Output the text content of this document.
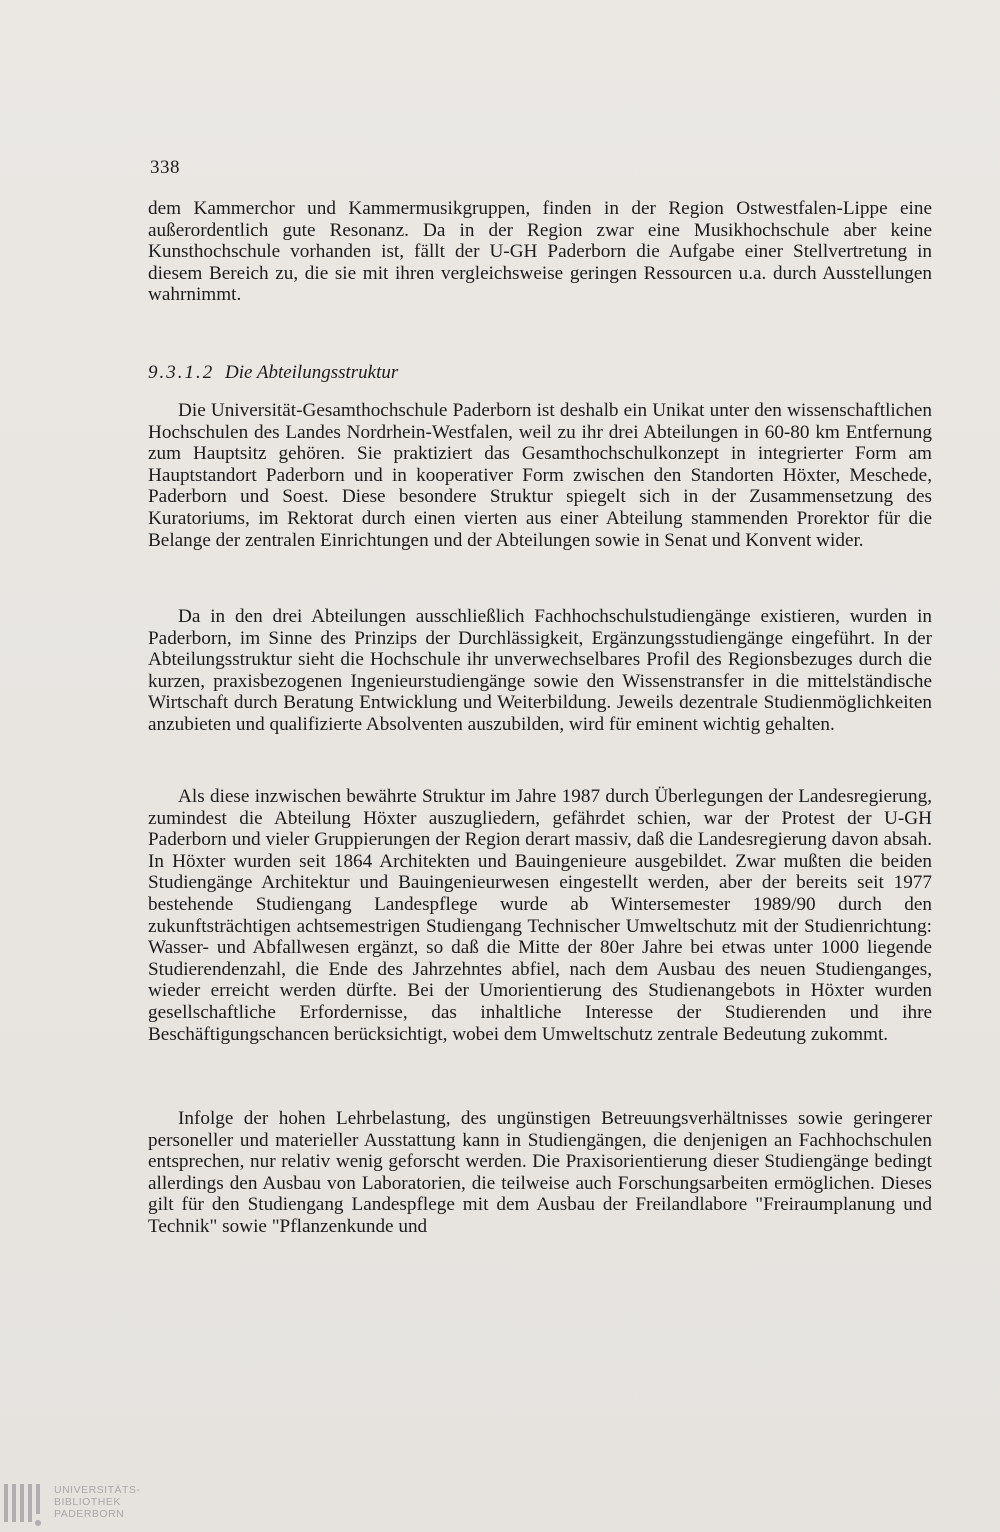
338

dem Kammerchor und Kammermusikgruppen, finden in der Region Ostwestfalen-Lippe eine außerordentlich gute Resonanz. Da in der Region zwar eine Musikhochschule aber keine Kunsthochschule vorhanden ist, fällt der U-GH Paderborn die Aufgabe einer Stellvertretung in diesem Bereich zu, die sie mit ihren vergleichsweise geringen Ressourcen u.a. durch Ausstellungen wahrnimmt.

9.3.1.2 Die Abteilungsstruktur

Die Universität-Gesamthochschule Paderborn ist deshalb ein Unikat unter den wissenschaftlichen Hochschulen des Landes Nordrhein-Westfalen, weil zu ihr drei Abteilungen in 60-80 km Entfernung zum Hauptsitz gehören. Sie praktiziert das Gesamthochschulkonzept in integrierter Form am Hauptstandort Paderborn und in kooperativer Form zwischen den Standorten Höxter, Meschede, Paderborn und Soest. Diese besondere Struktur spiegelt sich in der Zusammensetzung des Kuratoriums, im Rektorat durch einen vierten aus einer Abteilung stammenden Prorektor für die Belange der zentralen Einrichtungen und der Abteilungen sowie in Senat und Konvent wider.

Da in den drei Abteilungen ausschließlich Fachhochschulstudiengänge existieren, wurden in Paderborn, im Sinne des Prinzips der Durchlässigkeit, Ergänzungsstudiengänge eingeführt. In der Abteilungsstruktur sieht die Hochschule ihr unverwechselbares Profil des Regionsbezuges durch die kurzen, praxisbezogenen Ingenieurstudiengänge sowie den Wissenstransfer in die mittelständische Wirtschaft durch Beratung Entwicklung und Weiterbildung. Jeweils dezentrale Studienmöglichkeiten anzubieten und qualifizierte Absolventen auszubilden, wird für eminent wichtig gehalten.

Als diese inzwischen bewährte Struktur im Jahre 1987 durch Überlegungen der Landesregierung, zumindest die Abteilung Höxter auszugliedern, gefährdet schien, war der Protest der U-GH Paderborn und vieler Gruppierungen der Region derart massiv, daß die Landesregierung davon absah. In Höxter wurden seit 1864 Architekten und Bauingenieure ausgebildet. Zwar mußten die beiden Studiengänge Architektur und Bauingenieurwesen eingestellt werden, aber der bereits seit 1977 bestehende Studiengang Landespflege wurde ab Wintersemester 1989/90 durch den zukunftsträchtigen achtsemestrigen Studiengang Technischer Umweltschutz mit der Studienrichtung: Wasser- und Abfallwesen ergänzt, so daß die Mitte der 80er Jahre bei etwas unter 1000 liegende Studierendenzahl, die Ende des Jahrzehntes abfiel, nach dem Ausbau des neuen Studienganges, wieder erreicht werden dürfte. Bei der Umorientierung des Studienangebots in Höxter wurden gesellschaftliche Erfordernisse, das inhaltliche Interesse der Studierenden und ihre Beschäftigungschancen berücksichtigt, wobei dem Umweltschutz zentrale Bedeutung zukommt.

Infolge der hohen Lehrbelastung, des ungünstigen Betreuungsverhältnisses sowie geringerer personeller und materieller Ausstattung kann in Studiengängen, die denjenigen an Fachhochschulen entsprechen, nur relativ wenig geforscht werden. Die Praxisorientierung dieser Studiengänge bedingt allerdings den Ausbau von Laboratorien, die teilweise auch Forschungsarbeiten ermöglichen. Dieses gilt für den Studiengang Landespflege mit dem Ausbau der Freilandlabore "Freiraumplanung und Technik" sowie "Pflanzenkunde und

UNIVERSITÄTS-
BIBLIOTHEK
PADERBORN
